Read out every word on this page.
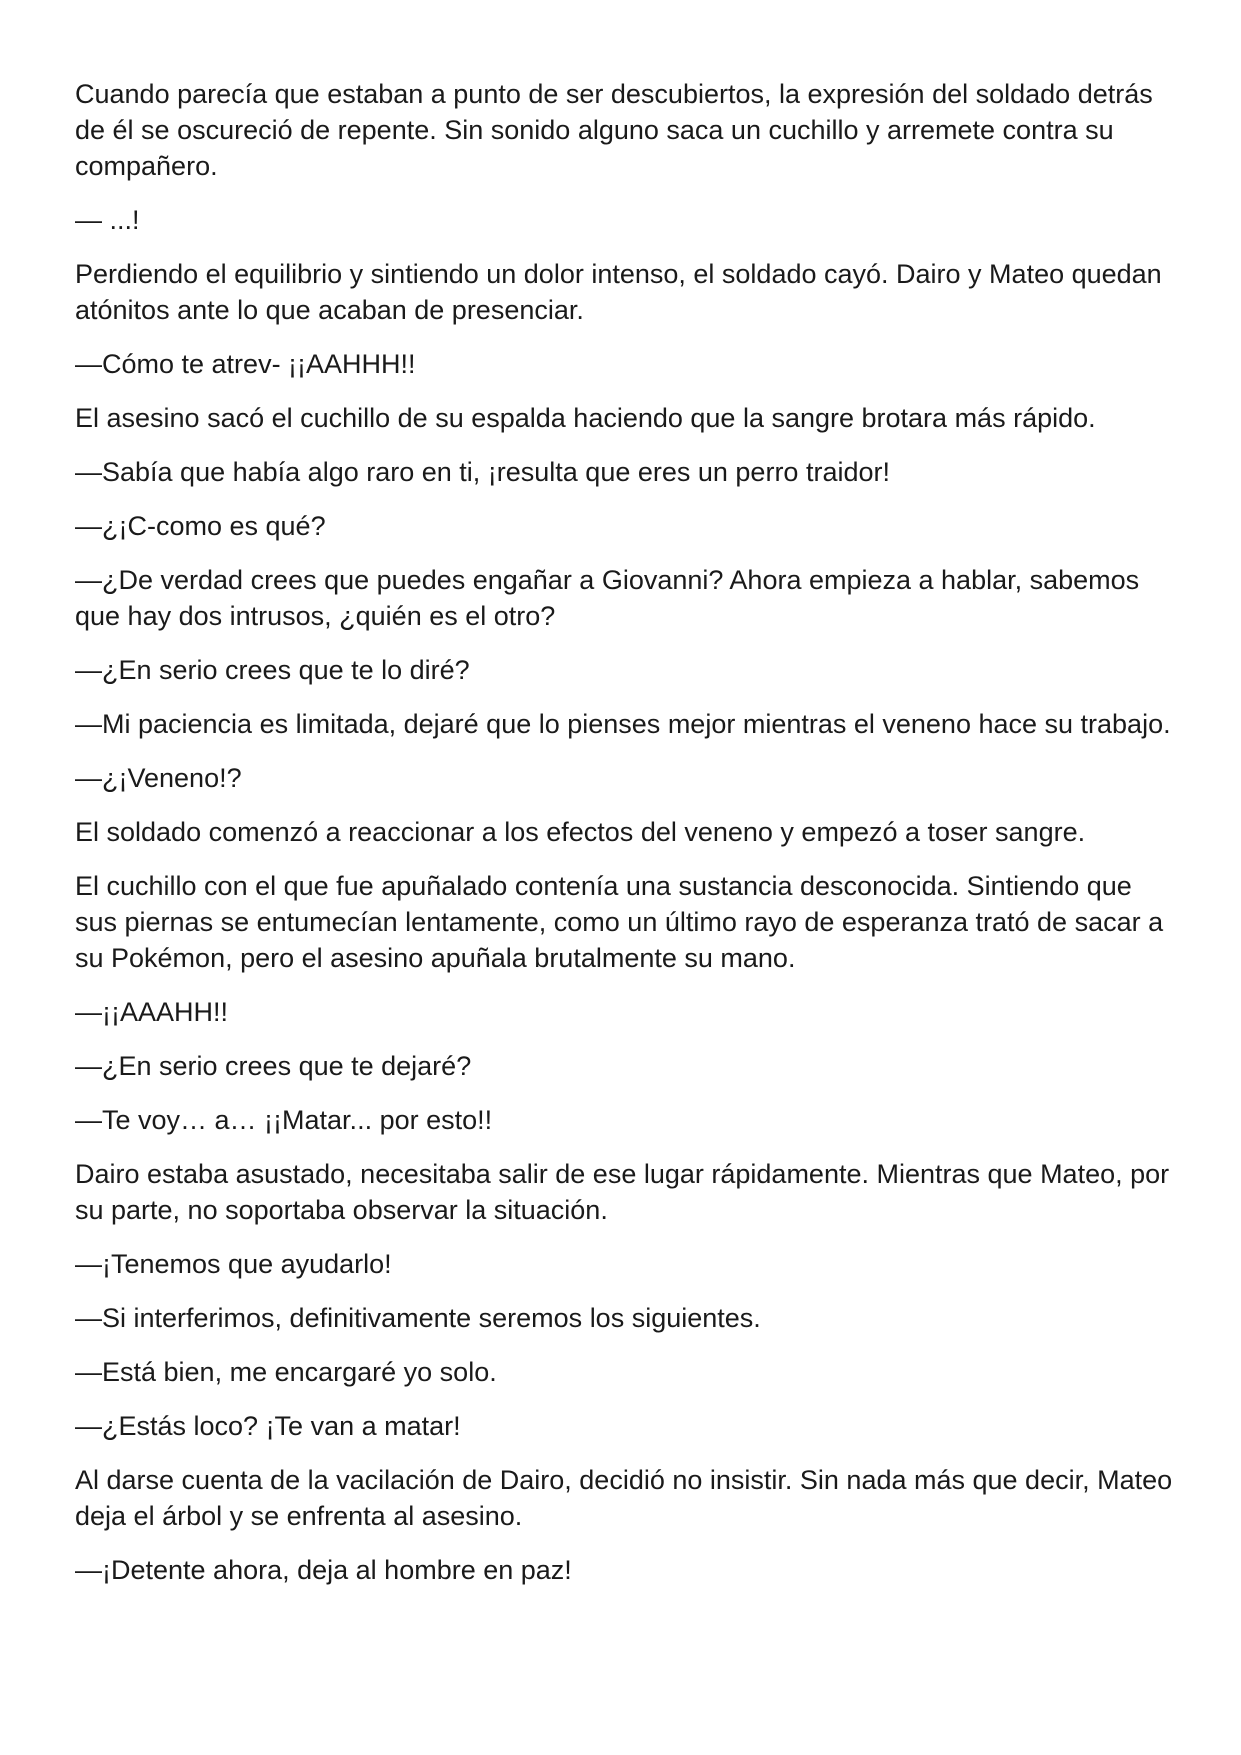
Cuando parecía que estaban a punto de ser descubiertos, la expresión del soldado detrás de él se oscureció de repente. Sin sonido alguno saca un cuchillo y arremete contra su compañero.

— ...!

Perdiendo el equilibrio y sintiendo un dolor intenso, el soldado cayó. Dairo y Mateo quedan atónitos ante lo que acaban de presenciar.

—Cómo te atrev- ¡¡AAHHH!!

El asesino sacó el cuchillo de su espalda haciendo que la sangre brotara más rápido.

—Sabía que había algo raro en ti, ¡resulta que eres un perro traidor!

—¿¡C-como es qué?

—¿De verdad crees que puedes engañar a Giovanni? Ahora empieza a hablar, sabemos que hay dos intrusos, ¿quién es el otro?

—¿En serio crees que te lo diré?

—Mi paciencia es limitada, dejaré que lo pienses mejor mientras el veneno hace su trabajo.

—¿¡Veneno!?

El soldado comenzó a reaccionar a los efectos del veneno y empezó a toser sangre.

El cuchillo con el que fue apuñalado contenía una sustancia desconocida. Sintiendo que sus piernas se entumecían lentamente, como un último rayo de esperanza trató de sacar a su Pokémon, pero el asesino apuñala brutalmente su mano.

—¡¡AAAHH!!

—¿En serio crees que te dejaré?

—Te voy… a… ¡¡Matar... por esto!!

Dairo estaba asustado, necesitaba salir de ese lugar rápidamente. Mientras que Mateo, por su parte, no soportaba observar la situación.

—¡Tenemos que ayudarlo!

—Si interferimos, definitivamente seremos los siguientes.

—Está bien, me encargaré yo solo.

—¿Estás loco? ¡Te van a matar!

Al darse cuenta de la vacilación de Dairo, decidió no insistir. Sin nada más que decir, Mateo deja el árbol y se enfrenta al asesino.

—¡Detente ahora, deja al hombre en paz!
